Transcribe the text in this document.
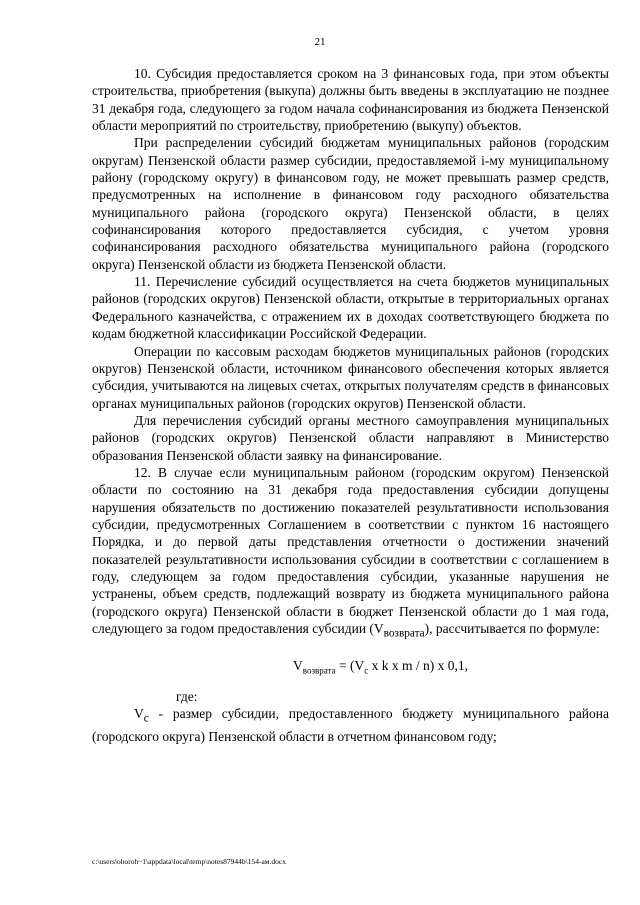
21

10. Субсидия предоставляется сроком на 3 финансовых года, при этом объекты строительства, приобретения (выкупа) должны быть введены в эксплуатацию не позднее 31 декабря года, следующего за годом начала софинансирования из бюджета Пензенской области мероприятий по строительству, приобретению (выкупу) объектов.

При распределении субсидий бюджетам муниципальных районов (городским округам) Пензенской области размер субсидии, предоставляемой i-му муниципальному району (городскому округу) в финансовом году, не может превышать размер средств, предусмотренных на исполнение в финансовом году расходного обязательства муниципального района (городского округа) Пензенской области, в целях софинансирования которого предоставляется субсидия, с учетом уровня софинансирования расходного обязательства муниципального района (городского округа) Пензенской области из бюджета Пензенской области.

11. Перечисление субсидий осуществляется на счета бюджетов муниципальных районов (городских округов) Пензенской области, открытые в территориальных органах Федерального казначейства, с отражением их в доходах соответствующего бюджета по кодам бюджетной классификации Российской Федерации.

Операции по кассовым расходам бюджетов муниципальных районов (городских округов) Пензенской области, источником финансового обеспечения которых является субсидия, учитываются на лицевых счетах, открытых получателям средств в финансовых органах муниципальных районов (городских округов) Пензенской области.

Для перечисления субсидий органы местного самоуправления муниципальных районов (городских округов) Пензенской области направляют в Министерство образования Пензенской области заявку на финансирование.

12. В случае если муниципальным районом (городским округом) Пензенской области по состоянию на 31 декабря года предоставления субсидии допущены нарушения обязательств по достижению показателей результативности использования субсидии, предусмотренных Соглашением в соответствии с пунктом 16 настоящего Порядка, и до первой даты представления отчетности о достижении значений показателей результативности использования субсидии в соответствии с соглашением в году, следующем за годом предоставления субсидии, указанные нарушения не устранены, объем средств, подлежащий возврату из бюджета муниципального района (городского округа) Пензенской области в бюджет Пензенской области до 1 мая года, следующего за годом предоставления субсидии $(V_{возврата})$, рассчитывается по формуле:

$V_{возврата} = (V_c$ x k x m / n) x 0,1,

где:

$V_c$ - размер субсидии, предоставленного бюджету муниципального района (городского округа) Пензенской области в отчетном финансовом году;

c:\users\ohoroh~1\appdata\local\temp\notes87944b\154-ам.docx
